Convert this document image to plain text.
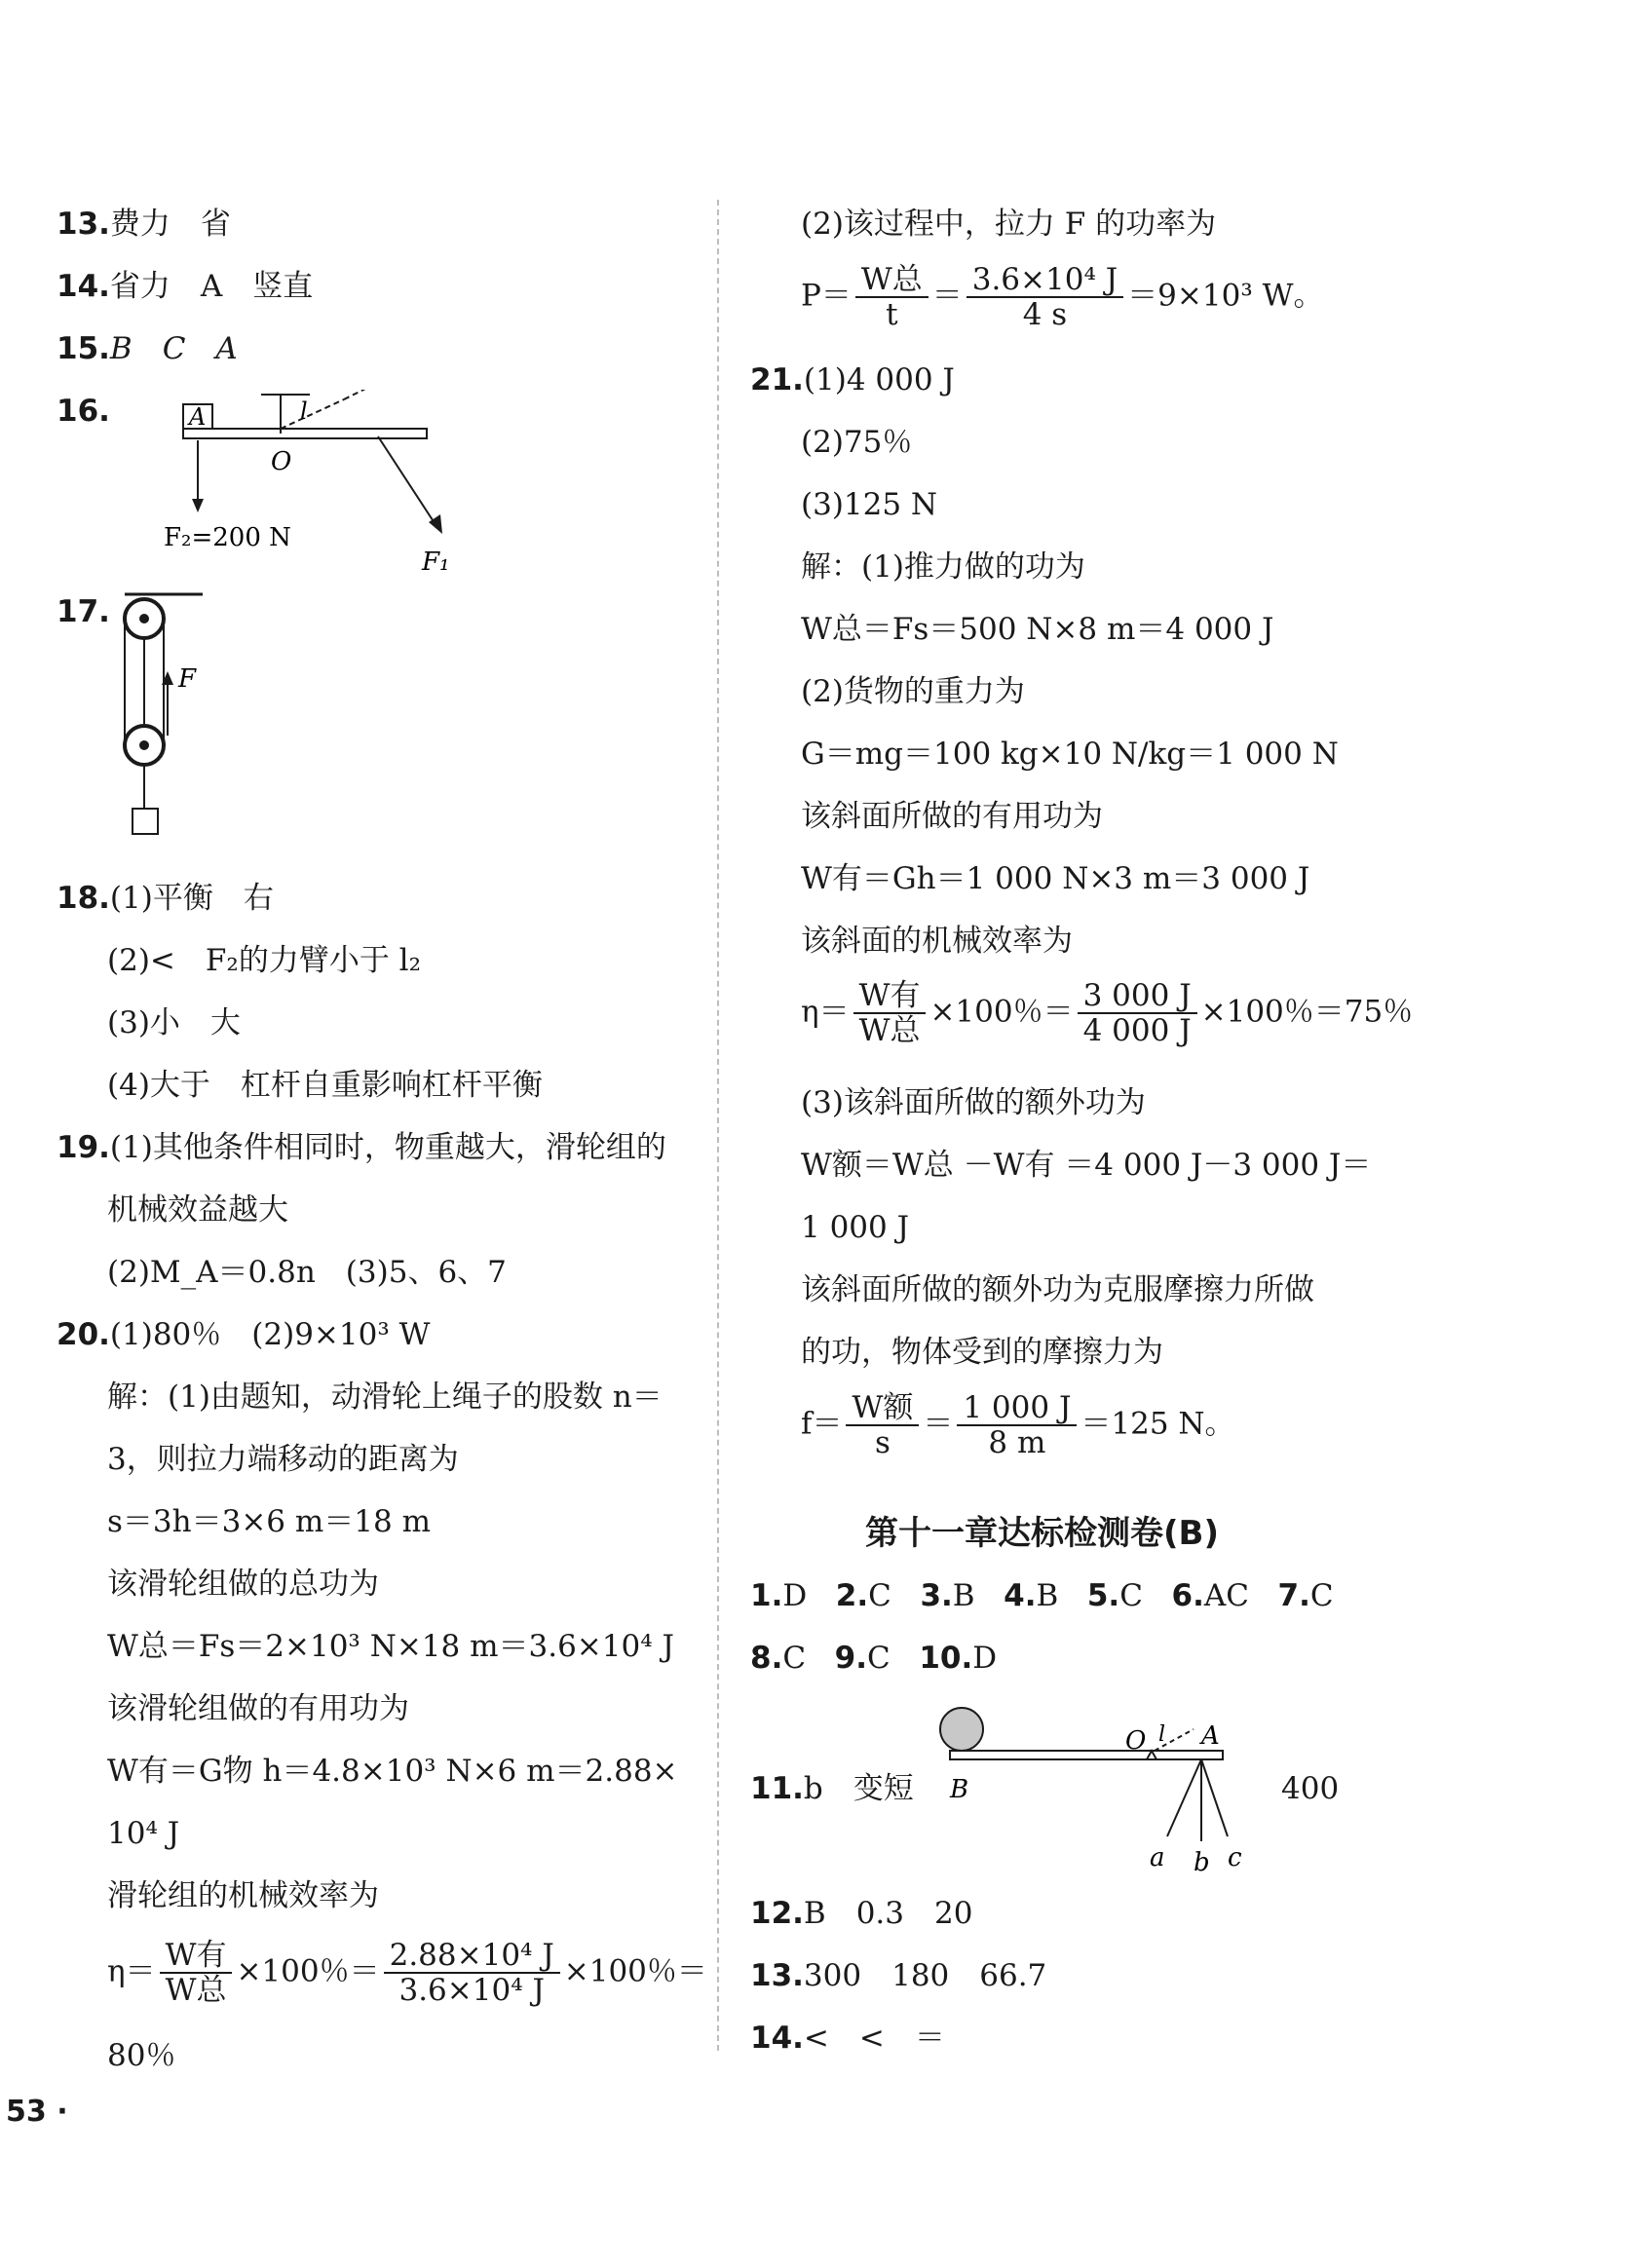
13.费力　省
14.省力　A　竖直
15.B　C　A
16.	A
O
l
F₂=200 N
F₁
17.
F
18.(1)平衡　右
(2)<　F₂的力臂小于 l₂
(3)小　大
(4)大于　杠杆自重影响杠杆平衡
19.(1)其他条件相同时，物重越大，滑轮组的
机械效益越大
(2)M_A＝0.8n　(3)5、6、7
20.(1)80％　(2)9×10³ W
解：(1)由题知，动滑轮上绳子的股数 n＝
3，则拉力端移动的距离为
s＝3h＝3×6 m＝18 m
该滑轮组做的总功为
W总＝Fs＝2×10³ N×18 m＝3.6×10⁴ J
该滑轮组做的有用功为
W有＝G物 h＝4.8×10³ N×6 m＝2.88×
10⁴ J
滑轮组的机械效率为
$\eta= \frac{\text{W有}}{\text{W总}} \times 100$％＝ $\frac{\text{2.88×10⁴ J}}{\text{3.6×10⁴ J}} \times 100$％＝
80％
(2)该过程中，拉力 F 的功率为
$P= \frac{\text{W总}}{t} = \frac{\text{3.6×10⁴ J}}{4 s} =9\times 10^3$ W。
21.(1)4 000 J
(2)75％
(3)125 N
解：(1)推力做的功为
W总＝Fs＝500 N×8 m＝4 000 J
(2)货物的重力为
G＝mg＝100 kg×10 N/kg＝1 000 N
该斜面所做的有用功为
W有＝Gh＝1 000 N×3 m＝3 000 J
该斜面的机械效率为
$\eta= \frac{\text{W有}}{\text{W总}} \times 100$％＝ $\frac{3 000 J}{4 000 J} \times 100$％＝75％
(3)该斜面所做的额外功为
W额＝W总 －W有 ＝4 000 J－3 000 J＝
1 000 J
该斜面所做的额外功为克服摩擦力所做
的功，物体受到的摩擦力为
$f= \frac{\text{W额}}{s} = \frac{1 000 J}{8 m} =125$ N。
第十一章达标检测卷(B)
1.D 2.C 3.B 4.B 5.C 6.AC 7.C
8.C 9.C 10.D
11.b　变短 B
O l A
a b c
400
12.B　0.3　20
13.300　180　66.7
14.<　<　＝
53 ·
